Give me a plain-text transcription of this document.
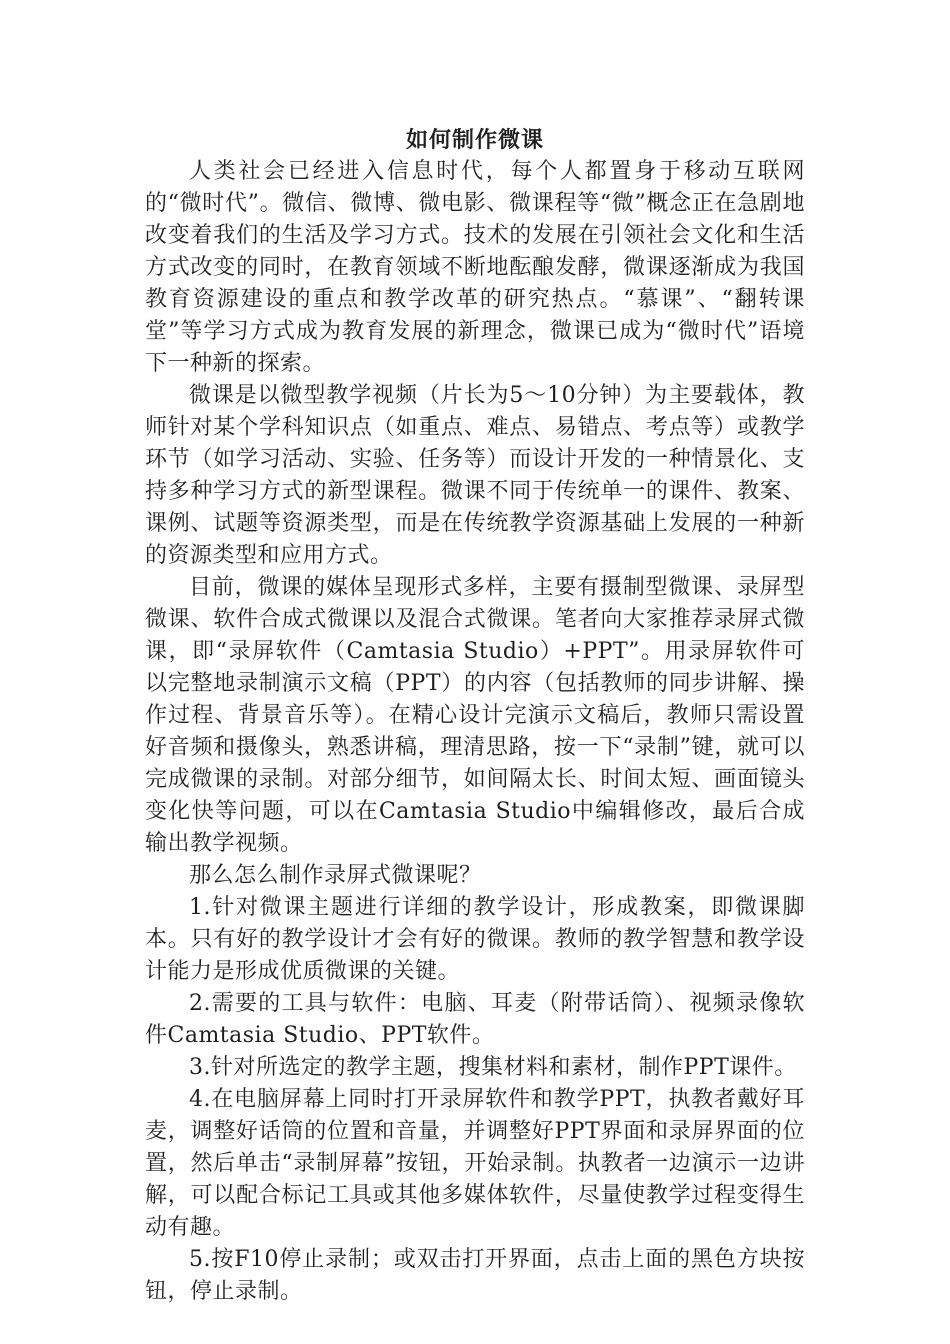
如何制作微课

人类社会已经进入信息时代，每个人都置身于移动互联网的“微时代”。微信、微博、微电影、微课程等“微”概念正在急剧地改变着我们的生活及学习方式。技术的发展在引领社会文化和生活方式改变的同时，在教育领域不断地酝酿发酵，微课逐渐成为我国教育资源建设的重点和教学改革的研究热点。“慕课”、“翻转课堂”等学习方式成为教育发展的新理念，微课已成为“微时代”语境下一种新的探索。

微课是以微型教学视频（片长为5～10分钟）为主要载体，教师针对某个学科知识点（如重点、难点、易错点、考点等）或教学环节（如学习活动、实验、任务等）而设计开发的一种情景化、支持多种学习方式的新型课程。微课不同于传统单一的课件、教案、课例、试题等资源类型，而是在传统教学资源基础上发展的一种新的资源类型和应用方式。

目前，微课的媒体呈现形式多样，主要有摄制型微课、录屏型微课、软件合成式微课以及混合式微课。笔者向大家推荐录屏式微课，即“录屏软件（Camtasia Studio）+PPT”。用录屏软件可以完整地录制演示文稿（PPT）的内容（包括教师的同步讲解、操作过程、背景音乐等）。在精心设计完演示文稿后，教师只需设置好音频和摄像头，熟悉讲稿，理清思路，按一下“录制”键，就可以完成微课的录制。对部分细节，如间隔太长、时间太短、画面镜头变化快等问题，可以在Camtasia Studio中编辑修改，最后合成输出教学视频。

那么怎么制作录屏式微课呢？

1.针对微课主题进行详细的教学设计，形成教案，即微课脚本。只有好的教学设计才会有好的微课。教师的教学智慧和教学设计能力是形成优质微课的关键。

2.需要的工具与软件：电脑、耳麦（附带话筒）、视频录像软件Camtasia Studio、PPT软件。

3.针对所选定的教学主题，搜集材料和素材，制作PPT课件。

4.在电脑屏幕上同时打开录屏软件和教学PPT，执教者戴好耳麦，调整好话筒的位置和音量，并调整好PPT界面和录屏界面的位置，然后单击“录制屏幕”按钮，开始录制。执教者一边演示一边讲解，可以配合标记工具或其他多媒体软件，尽量使教学过程变得生动有趣。

5.按F10停止录制；或双击打开界面，点击上面的黑色方块按钮，停止录制。
